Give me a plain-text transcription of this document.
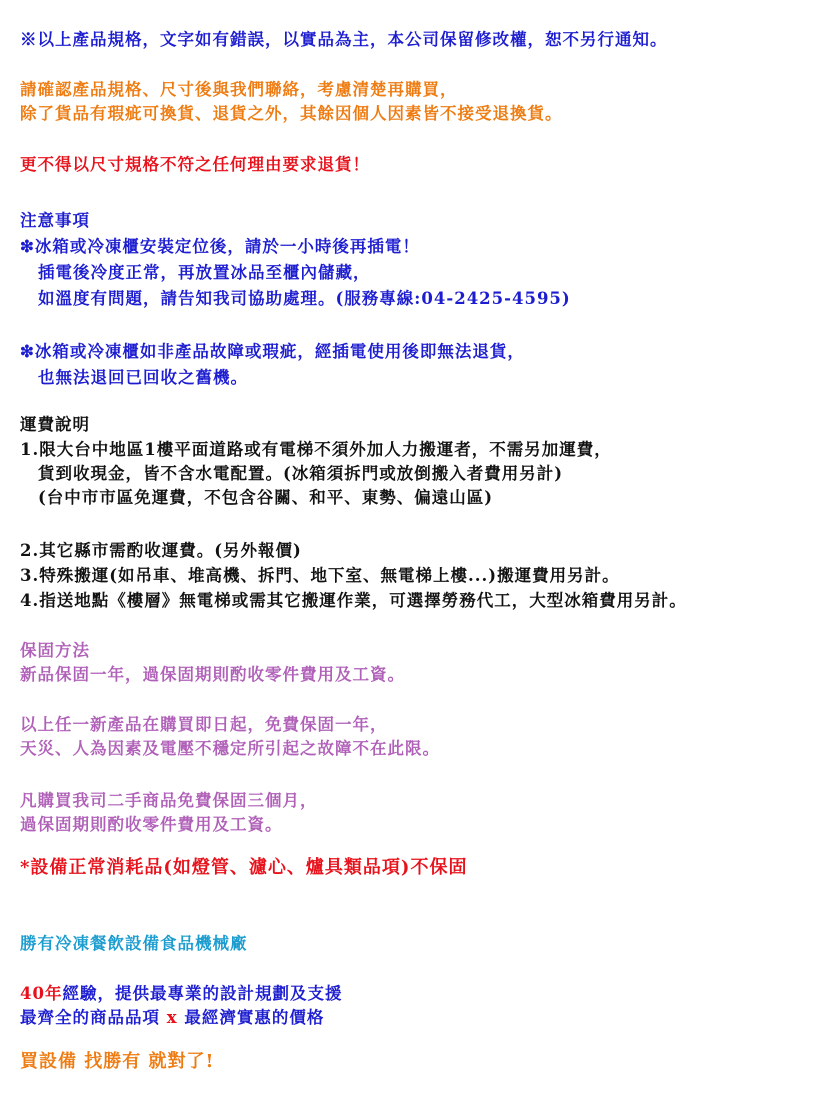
※以上產品規格，文字如有錯誤，以實品為主，本公司保留修改權，恕不另行通知。
請確認產品規格、尺寸後與我們聯絡，考慮清楚再購買，
除了貨品有瑕疵可換貨、退貨之外，其餘因個人因素皆不接受退換貨。
更不得以尺寸規格不符之任何理由要求退貨！
注意事項
❇冰箱或冷凍櫃安裝定位後，請於一小時後再插電！
插電後冷度正常，再放置冰品至櫃內儲藏，
如溫度有問題，請告知我司協助處理。(服務專線:04-2425-4595)
❇冰箱或冷凍櫃如非產品故障或瑕疵，經插電使用後即無法退貨，
也無法退回已回收之舊機。
運費說明
1.限大台中地區1樓平面道路或有電梯不須外加人力搬運者，不需另加運費，
貨到收現金，皆不含水電配置。(冰箱須拆門或放倒搬入者費用另計)
(台中市市區免運費，不包含谷關、和平、東勢、偏遠山區)
2.其它縣市需酌收運費。(另外報價)
3.特殊搬運(如吊車、堆高機、拆門、地下室、無電梯上樓...)搬運費用另計。
4.指送地點《樓層》無電梯或需其它搬運作業，可選擇勞務代工，大型冰箱費用另計。
保固方法
新品保固一年，過保固期則酌收零件費用及工資。
以上任一新產品在購買即日起，免費保固一年，
天災、人為因素及電壓不穩定所引起之故障不在此限。
凡購買我司二手商品免費保固三個月，
過保固期則酌收零件費用及工資。
*設備正常消耗品(如燈管、濾心、爐具類品項)不保固
勝有冷凍餐飲設備食品機械廠
40年經驗，提供最專業的設計規劃及支援
最齊全的商品品項 x 最經濟實惠的價格
買設備 找勝有 就對了!
